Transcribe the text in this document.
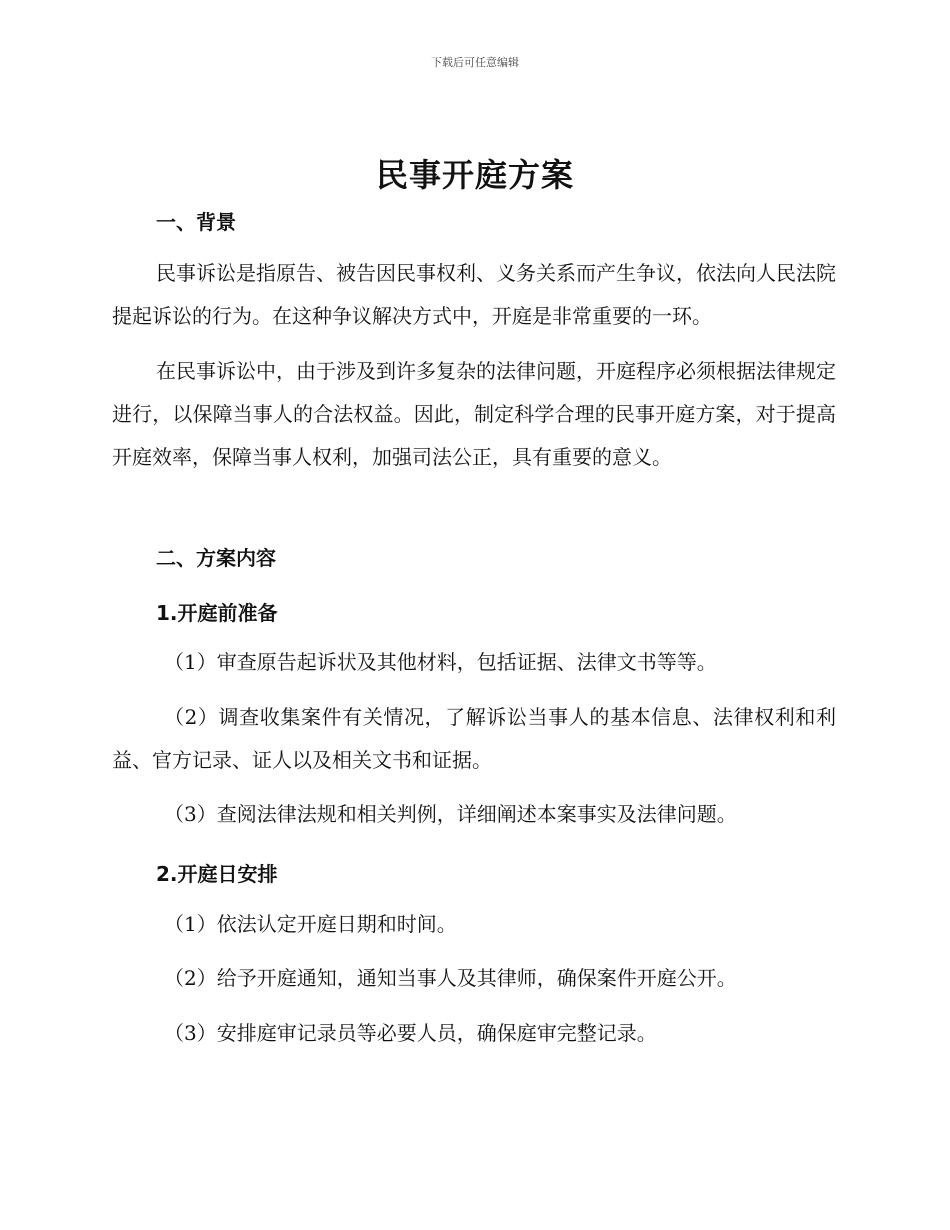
下载后可任意编辑
民事开庭方案
一、背景
民事诉讼是指原告、被告因民事权利、义务关系而产生争议，依法向人民法院提起诉讼的行为。在这种争议解决方式中，开庭是非常重要的一环。
在民事诉讼中，由于涉及到许多复杂的法律问题，开庭程序必须根据法律规定进行，以保障当事人的合法权益。因此，制定科学合理的民事开庭方案，对于提高开庭效率，保障当事人权利，加强司法公正，具有重要的意义。
二、方案内容
1.开庭前准备
（1）审查原告起诉状及其他材料，包括证据、法律文书等等。
（2）调查收集案件有关情况，了解诉讼当事人的基本信息、法律权利和利益、官方记录、证人以及相关文书和证据。
（3）查阅法律法规和相关判例，详细阐述本案事实及法律问题。
2.开庭日安排
（1）依法认定开庭日期和时间。
（2）给予开庭通知，通知当事人及其律师，确保案件开庭公开。
（3）安排庭审记录员等必要人员，确保庭审完整记录。
